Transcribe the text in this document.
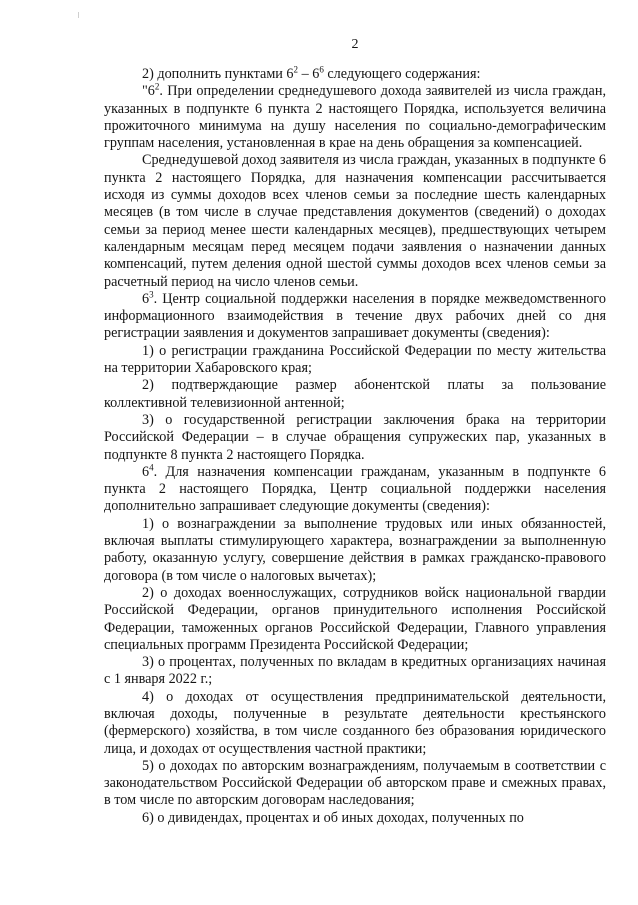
2

2) дополнить пунктами $6^2 - 6^6$ следующего содержания:

"$6^2$. При определении среднедушевого дохода заявителей из числа граждан, указанных в подпункте 6 пункта 2 настоящего Порядка, используется величина прожиточного минимума на душу населения по социально-демографическим группам населения, установленная в крае на день обращения за компенсацией.

Среднедушевой доход заявителя из числа граждан, указанных в подпункте 6 пункта 2 настоящего Порядка, для назначения компенсации рассчитывается исходя из суммы доходов всех членов семьи за последние шесть календарных месяцев (в том числе в случае представления документов (сведений) о доходах семьи за период менее шести календарных месяцев), предшествующих четырем календарным месяцам перед месяцем подачи заявления о назначении данных компенсаций, путем деления одной шестой суммы доходов всех членов семьи за расчетный период на число членов семьи.

$6^3$. Центр социальной поддержки населения в порядке межведомственного информационного взаимодействия в течение двух рабочих дней со дня регистрации заявления и документов запрашивает документы (сведения):

1) о регистрации гражданина Российской Федерации по месту жительства на территории Хабаровского края;

2) подтверждающие размер абонентской платы за пользование коллективной телевизионной антенной;

3) о государственной регистрации заключения брака на территории Российской Федерации – в случае обращения супружеских пар, указанных в подпункте 8 пункта 2 настоящего Порядка.

$6^4$. Для назначения компенсации гражданам, указанным в подпункте 6 пункта 2 настоящего Порядка, Центр социальной поддержки населения дополнительно запрашивает следующие документы (сведения):

1) о вознаграждении за выполнение трудовых или иных обязанностей, включая выплаты стимулирующего характера, вознаграждении за выполненную работу, оказанную услугу, совершение действия в рамках гражданско-правового договора (в том числе о налоговых вычетах);

2) о доходах военнослужащих, сотрудников войск национальной гвардии Российской Федерации, органов принудительного исполнения Российской Федерации, таможенных органов Российской Федерации, Главного управления специальных программ Президента Российской Федерации;

3) о процентах, полученных по вкладам в кредитных организациях начиная с 1 января 2022 г.;

4) о доходах от осуществления предпринимательской деятельности, включая доходы, полученные в результате деятельности крестьянского (фермерского) хозяйства, в том числе созданного без образования юридического лица, и доходах от осуществления частной практики;

5) о доходах по авторским вознаграждениям, получаемым в соответствии с законодательством Российской Федерации об авторском праве и смежных правах, в том числе по авторским договорам наследования;

6) о дивидендах, процентах и об иных доходах, полученных по
